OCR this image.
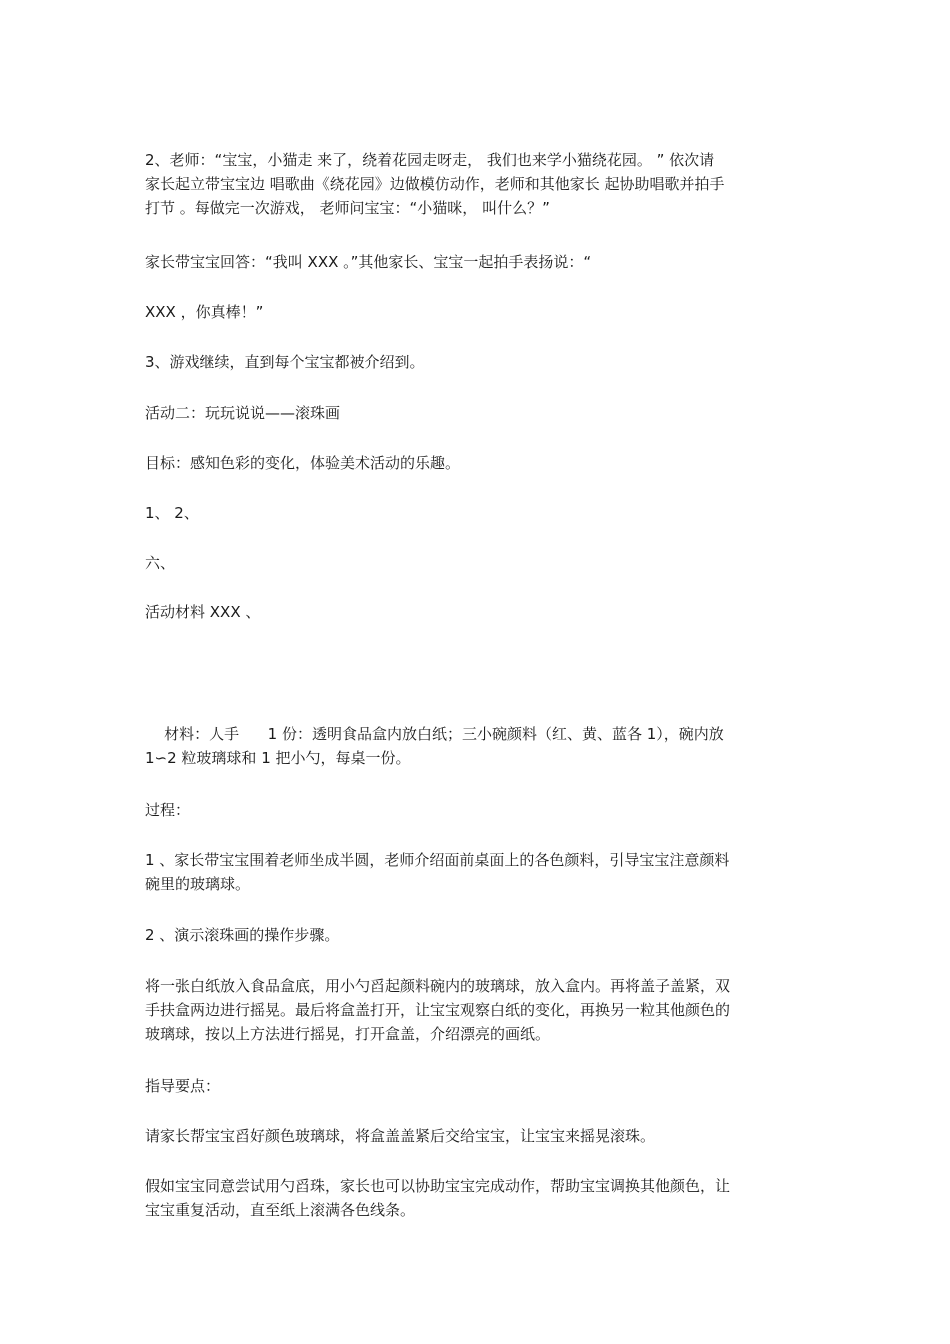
2、老师：“宝宝，小猫走 来了，绕着花园走呀走， 我们也来学小猫绕花园。 ” 依次请
家长起立带宝宝边 唱歌曲《绕花园》边做模仿动作，老师和其他家长 起协助唱歌并拍手
打节 。每做完一次游戏， 老师问宝宝：“小猫咪， 叫什么？”

家长带宝宝回答：“我叫 XXX 。”其他家长、宝宝一起拍手表扬说：“

XXX ，你真棒！”

3、游戏继续，直到每个宝宝都被介绍到。

活动二：玩玩说说——滚珠画

目标：感知色彩的变化，体验美术活动的乐趣。

1、 2、

六、

活动材料 XXX 、

材料：人手      1 份：透明食品盒内放白纸；三小碗颜料（红、黄、蓝各 1），碗内放
1∽2 粒玻璃球和 1 把小勺，每桌一份。

过程：

1 、家长带宝宝围着老师坐成半圆，老师介绍面前桌面上的各色颜料，引导宝宝注意颜料
碗里的玻璃球。

2 、演示滚珠画的操作步骤。

将一张白纸放入食品盒底，用小勺舀起颜料碗内的玻璃球，放入盒内。再将盖子盖紧，双
手扶盒两边进行摇晃。最后将盒盖打开，让宝宝观察白纸的变化，再换另一粒其他颜色的
玻璃球，按以上方法进行摇晃，打开盒盖，介绍漂亮的画纸。

指导要点：

请家长帮宝宝舀好颜色玻璃球，将盒盖盖紧后交给宝宝，让宝宝来摇晃滚珠。

假如宝宝同意尝试用勺舀珠，家长也可以协助宝宝完成动作，帮助宝宝调换其他颜色，让
宝宝重复活动，直至纸上滚满各色线条。
